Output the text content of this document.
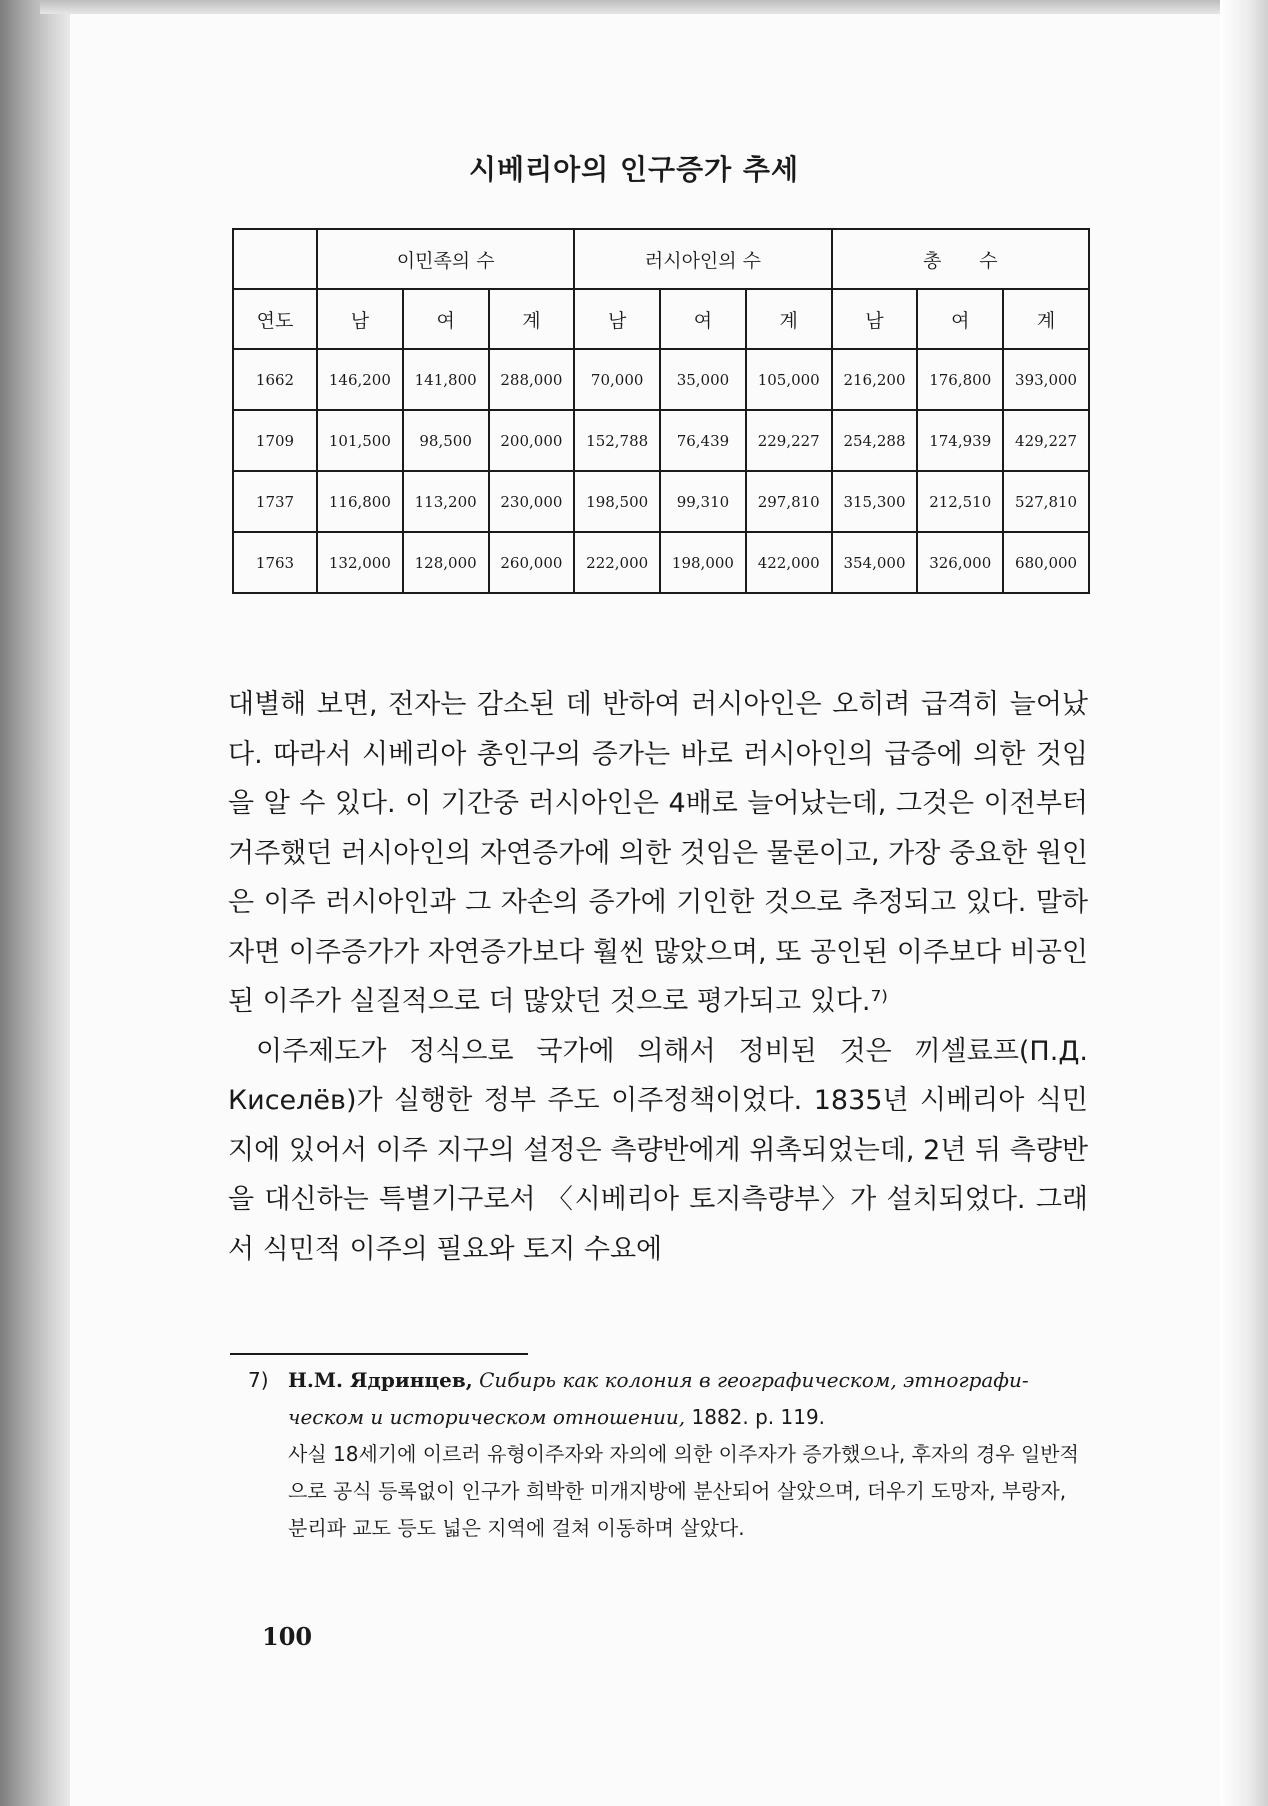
시베리아의 인구증가 추세
	이민족의 수			러시아인의 수			총　　수		
연도	남	여	계	남	여	계	남	여	계
1662	146,200	141,800	288,000	70,000	35,000	105,000	216,200	176,800	393,000
1709	101,500	98,500	200,000	152,788	76,439	229,227	254,288	174,939	429,227
1737	116,800	113,200	230,000	198,500	99,310	297,810	315,300	212,510	527,810
1763	132,000	128,000	260,000	222,000	198,000	422,000	354,000	326,000	680,000

대별해 보면, 전자는 감소된 데 반하여 러시아인은 오히려 급격히 늘어났다. 따라서 시베리아 총인구의 증가는 바로 러시아인의 급증에 의한 것임을 알 수 있다. 이 기간중 러시아인은 4배로 늘어났는데, 그것은 이전부터 거주했던 러시아인의 자연증가에 의한 것임은 물론이고, 가장 중요한 원인은 이주 러시아인과 그 자손의 증가에 기인한 것으로 추정되고 있다. 말하자면 이주증가가 자연증가보다 훨씬 많았으며, 또 공인된 이주보다 비공인된 이주가 실질적으로 더 많았던 것으로 평가되고 있다.⁷⁾

이주제도가 정식으로 국가에 의해서 정비된 것은 끼셀료프(П.Д. Киселёв)가 실행한 정부 주도 이주정책이었다. 1835년 시베리아 식민지에 있어서 이주 지구의 설정은 측량반에게 위촉되었는데, 2년 뒤 측량반을 대신하는 특별기구로서 〈시베리아 토지측량부〉가 설치되었다. 그래서 식민적 이주의 필요와 토지 수요에

7) Н.М. Ядринцев, Сибирь как колония в географическом, этнографи-
ческом и историческом отношении, 1882. p. 119.
사실 18세기에 이르러 유형이주자와 자의에 의한 이주자가 증가했으나, 후자의 경우 일반적으로 공식 등록없이 인구가 희박한 미개지방에 분산되어 살았으며, 더우기 도망자, 부랑자, 분리파 교도 등도 넓은 지역에 걸쳐 이동하며 살았다.
100
